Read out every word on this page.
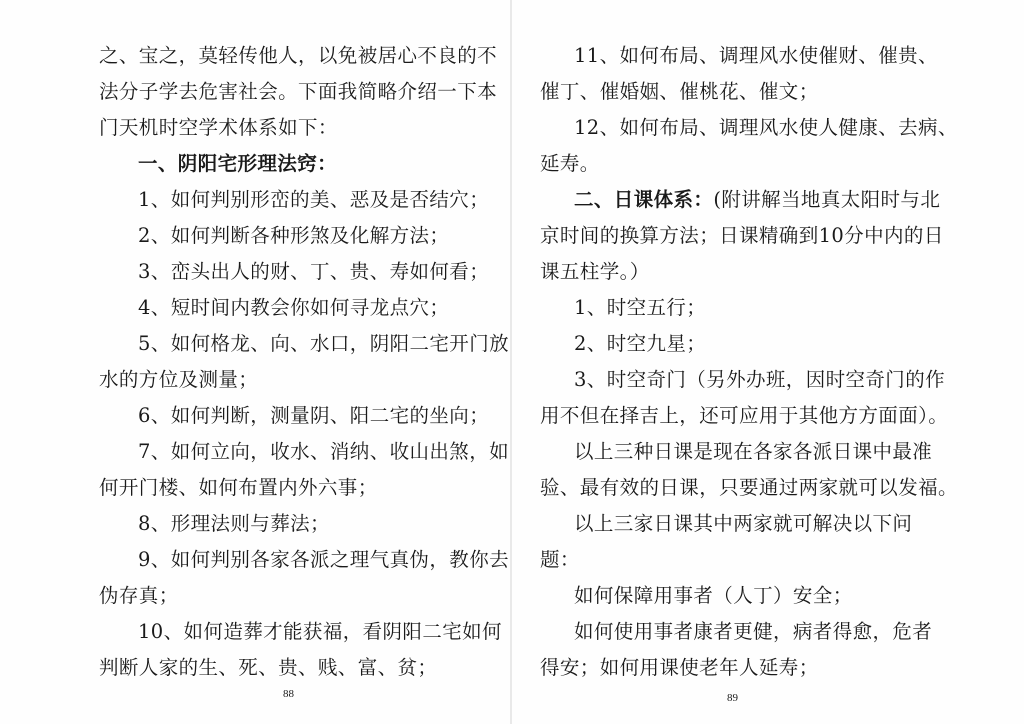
之、宝之，莫轻传他人，以免被居心不良的不
法分子学去危害社会。下面我简略介绍一下本
门天机时空学术体系如下：
一、阴阳宅形理法窍：
1、如何判别形峦的美、恶及是否结穴；
2、如何判断各种形煞及化解方法；
3、峦头出人的财、丁、贵、寿如何看；
4、短时间内教会你如何寻龙点穴；
5、如何格龙、向、水口，阴阳二宅开门放
水的方位及测量；
6、如何判断，测量阴、阳二宅的坐向；
7、如何立向，收水、消纳、收山出煞，如
何开门楼、如何布置内外六事；
8、形理法则与葬法；
9、如何判别各家各派之理气真伪，教你去
伪存真；
10、如何造葬才能获福，看阴阳二宅如何
判断人家的生、死、贵、贱、富、贫；
88
11、如何布局、调理风水使催财、催贵、
催丁、催婚姻、催桃花、催文；
12、如何布局、调理风水使人健康、去病、
延寿。
二、日课体系：(附讲解当地真太阳时与北
京时间的换算方法；日课精确到10分中内的日
课五柱学。）
1、时空五行；
2、时空九星；
3、时空奇门（另外办班，因时空奇门的作
用不但在择吉上，还可应用于其他方方面面）。
以上三种日课是现在各家各派日课中最准
验、最有效的日课，只要通过两家就可以发福。
以上三家日课其中两家就可解决以下问
题：
如何保障用事者（人丁）安全；
如何使用事者康者更健，病者得愈，危者
得安；如何用课使老年人延寿；
89
